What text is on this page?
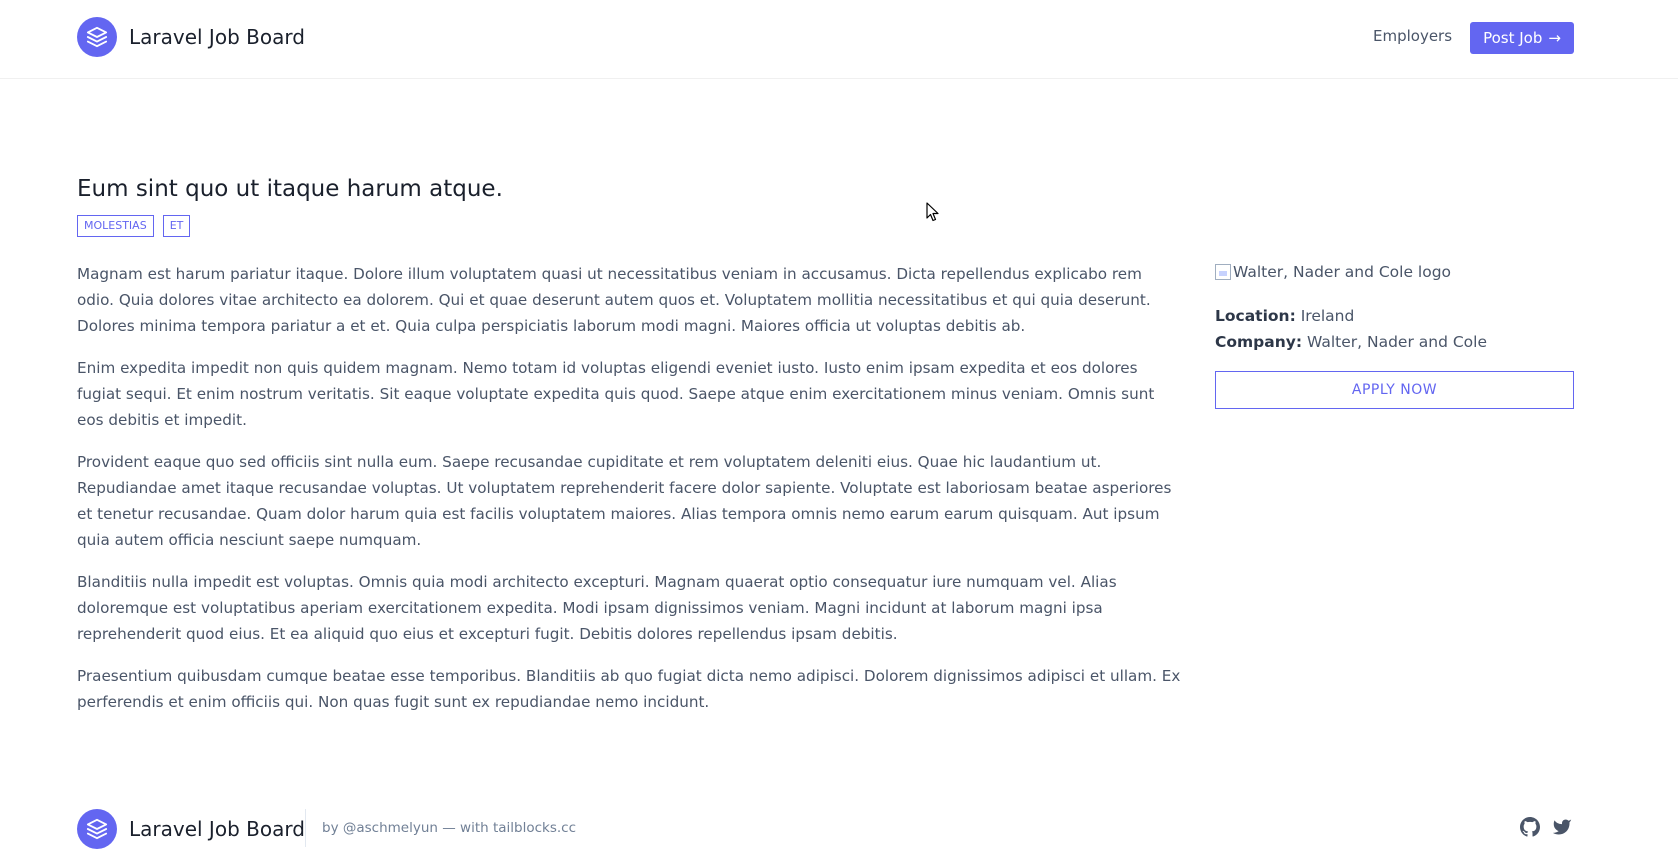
Laravel Job Board	Employers Post Job →
Eum sint quo ut itaque harum atque.
MOLESTIAS	ET

Magnam est harum pariatur itaque. Dolore illum voluptatem quasi ut necessitatibus veniam in accusamus. Dicta repellendus explicabo rem odio. Quia dolores vitae architecto ea dolorem. Qui et quae deserunt autem quos et. Voluptatem mollitia necessitatibus et qui quia deserunt. Dolores minima tempora pariatur a et et. Quia culpa perspiciatis laborum modi magni. Maiores officia ut voluptas debitis ab.

Enim expedita impedit non quis quidem magnam. Nemo totam id voluptas eligendi eveniet iusto. Iusto enim ipsam expedita et eos dolores fugiat sequi. Et enim nostrum veritatis. Sit eaque voluptate expedita quis quod. Saepe atque enim exercitationem minus veniam. Omnis sunt eos debitis et impedit.

Provident eaque quo sed officiis sint nulla eum. Saepe recusandae cupiditate et rem voluptatem deleniti eius. Quae hic laudantium ut. Repudiandae amet itaque recusandae voluptas. Ut voluptatem reprehenderit facere dolor sapiente. Voluptate est laboriosam beatae asperiores et tenetur recusandae. Quam dolor harum quia est facilis voluptatem maiores. Alias tempora omnis nemo earum earum quisquam. Aut ipsum quia autem officia nesciunt saepe numquam.

Blanditiis nulla impedit est voluptas. Omnis quia modi architecto excepturi. Magnam quaerat optio consequatur iure numquam vel. Alias doloremque est voluptatibus aperiam exercitationem expedita. Modi ipsam dignissimos veniam. Magni incidunt at laborum magni ipsa reprehenderit quod eius. Et ea aliquid quo eius et excepturi fugit. Debitis dolores repellendus ipsam debitis.

Praesentium quibusdam cumque beatae esse temporibus. Blanditiis ab quo fugiat dicta nemo adipisci. Dolorem dignissimos adipisci et ullam. Ex perferendis et enim officiis qui. Non quas fugit sunt ex repudiandae nemo incidunt.

Walter, Nader and Cole logo
Location: Ireland
Company: Walter, Nader and Cole
APPLY NOW
Laravel Job Board by @aschmelyun — with tailblocks.cc
